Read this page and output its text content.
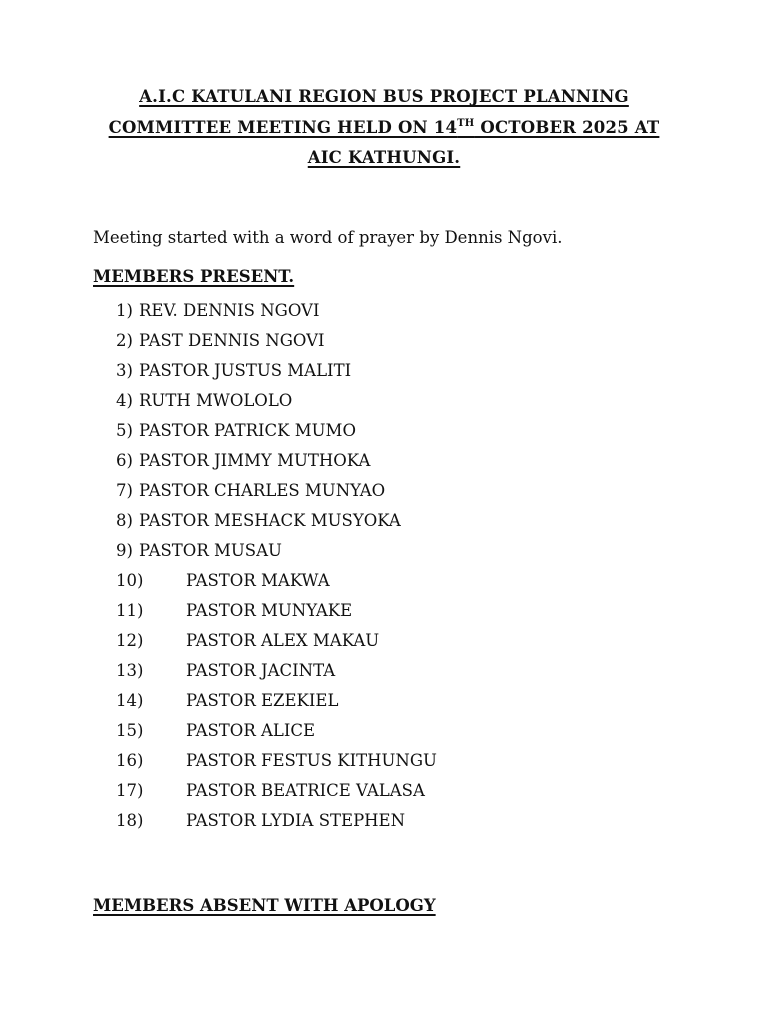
A.I.C KATULANI REGION BUS PROJECT PLANNING
COMMITTEE MEETING HELD ON 14TH OCTOBER 2025 AT
AIC KATHUNGI.
Meeting started with a word of prayer by Dennis Ngovi.
MEMBERS PRESENT.
1) REV. DENNIS NGOVI
2) PAST DENNIS NGOVI
3) PASTOR JUSTUS MALITI
4) RUTH MWOLOLO
5) PASTOR PATRICK MUMO
6) PASTOR JIMMY MUTHOKA
7) PASTOR CHARLES MUNYAO
8) PASTOR MESHACK MUSYOKA
9) PASTOR MUSAU
10)	PASTOR MAKWA
11)	PASTOR MUNYAKE
12)	PASTOR ALEX MAKAU
13)	PASTOR JACINTA
14)	PASTOR EZEKIEL
15)	PASTOR ALICE
16)	PASTOR FESTUS KITHUNGU
17)	PASTOR BEATRICE VALASA
18)	PASTOR LYDIA STEPHEN
MEMBERS ABSENT WITH APOLOGY
